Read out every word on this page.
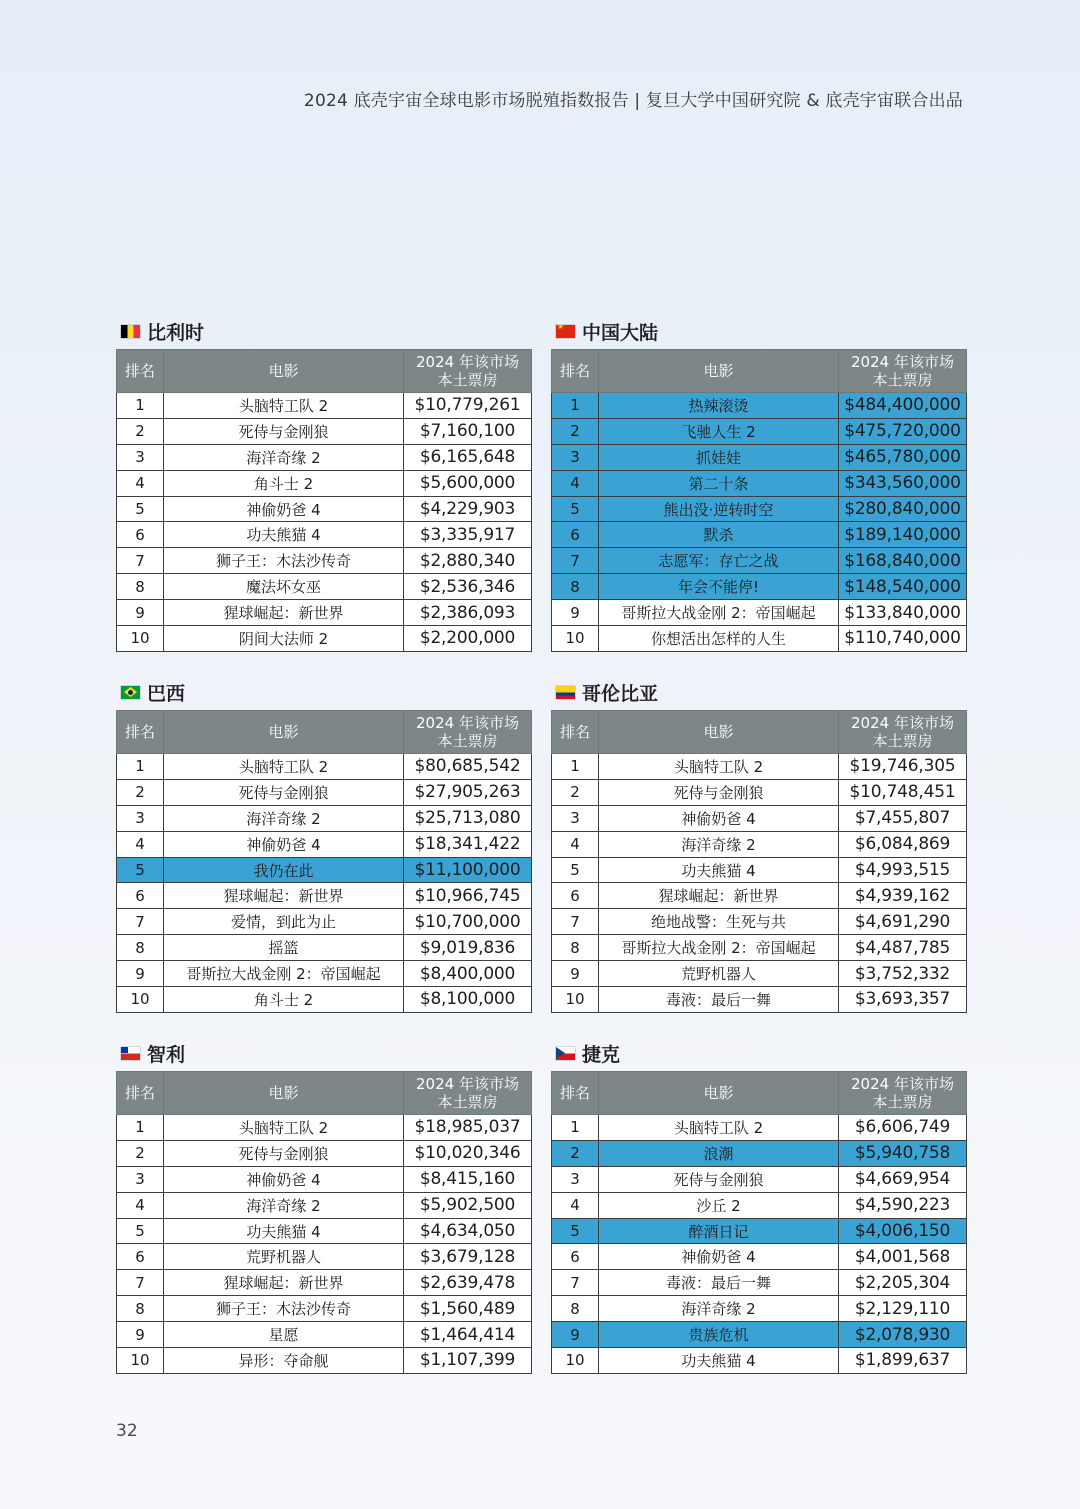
2024 底壳宇宙全球电影市场脱殖指数报告 | 复旦大学中国研究院 & 底壳宇宙联合出品
比利时
排名	电影	2024 年该市场
本土票房
1	头脑特工队 2	$10,779,261
2	死侍与金刚狼	$7,160,100
3	海洋奇缘 2	$6,165,648
4	角斗士 2	$5,600,000
5	神偷奶爸 4	$4,229,903
6	功夫熊猫 4	$3,335,917
7	狮子王：木法沙传奇	$2,880,340
8	魔法坏女巫	$2,536,346
9	猩球崛起：新世界	$2,386,093
10	阴间大法师 2	$2,200,000
★
中国大陆
排名	电影	2024 年该市场
本土票房
1	热辣滚烫	$484,400,000
2	飞驰人生 2	$475,720,000
3	抓娃娃	$465,780,000
4	第二十条	$343,560,000
5	熊出没·逆转时空	$280,840,000
6	默杀	$189,140,000
7	志愿军：存亡之战	$168,840,000
8	年会不能停!	$148,540,000
9	哥斯拉大战金刚 2：帝国崛起	$133,840,000
10	你想活出怎样的人生	$110,740,000
巴西
排名	电影	2024 年该市场
本土票房
1	头脑特工队 2	$80,685,542
2	死侍与金刚狼	$27,905,263
3	海洋奇缘 2	$25,713,080
4	神偷奶爸 4	$18,341,422
5	我仍在此	$11,100,000
6	猩球崛起：新世界	$10,966,745
7	爱情，到此为止	$10,700,000
8	摇篮	$9,019,836
9	哥斯拉大战金刚 2：帝国崛起	$8,400,000
10	角斗士 2	$8,100,000
哥伦比亚
排名	电影	2024 年该市场
本土票房
1	头脑特工队 2	$19,746,305
2	死侍与金刚狼	$10,748,451
3	神偷奶爸 4	$7,455,807
4	海洋奇缘 2	$6,084,869
5	功夫熊猫 4	$4,993,515
6	猩球崛起：新世界	$4,939,162
7	绝地战警：生死与共	$4,691,290
8	哥斯拉大战金刚 2：帝国崛起	$4,487,785
9	荒野机器人	$3,752,332
10	毒液：最后一舞	$3,693,357
智利
排名	电影	2024 年该市场
本土票房
1	头脑特工队 2	$18,985,037
2	死侍与金刚狼	$10,020,346
3	神偷奶爸 4	$8,415,160
4	海洋奇缘 2	$5,902,500
5	功夫熊猫 4	$4,634,050
6	荒野机器人	$3,679,128
7	猩球崛起：新世界	$2,639,478
8	狮子王：木法沙传奇	$1,560,489
9	星愿	$1,464,414
10	异形：夺命舰	$1,107,399
捷克
排名	电影	2024 年该市场
本土票房
1	头脑特工队 2	$6,606,749
2	浪潮	$5,940,758
3	死侍与金刚狼	$4,669,954
4	沙丘 2	$4,590,223
5	醉酒日记	$4,006,150
6	神偷奶爸 4	$4,001,568
7	毒液：最后一舞	$2,205,304
8	海洋奇缘 2	$2,129,110
9	贵族危机	$2,078,930
10	功夫熊猫 4	$1,899,637
32
